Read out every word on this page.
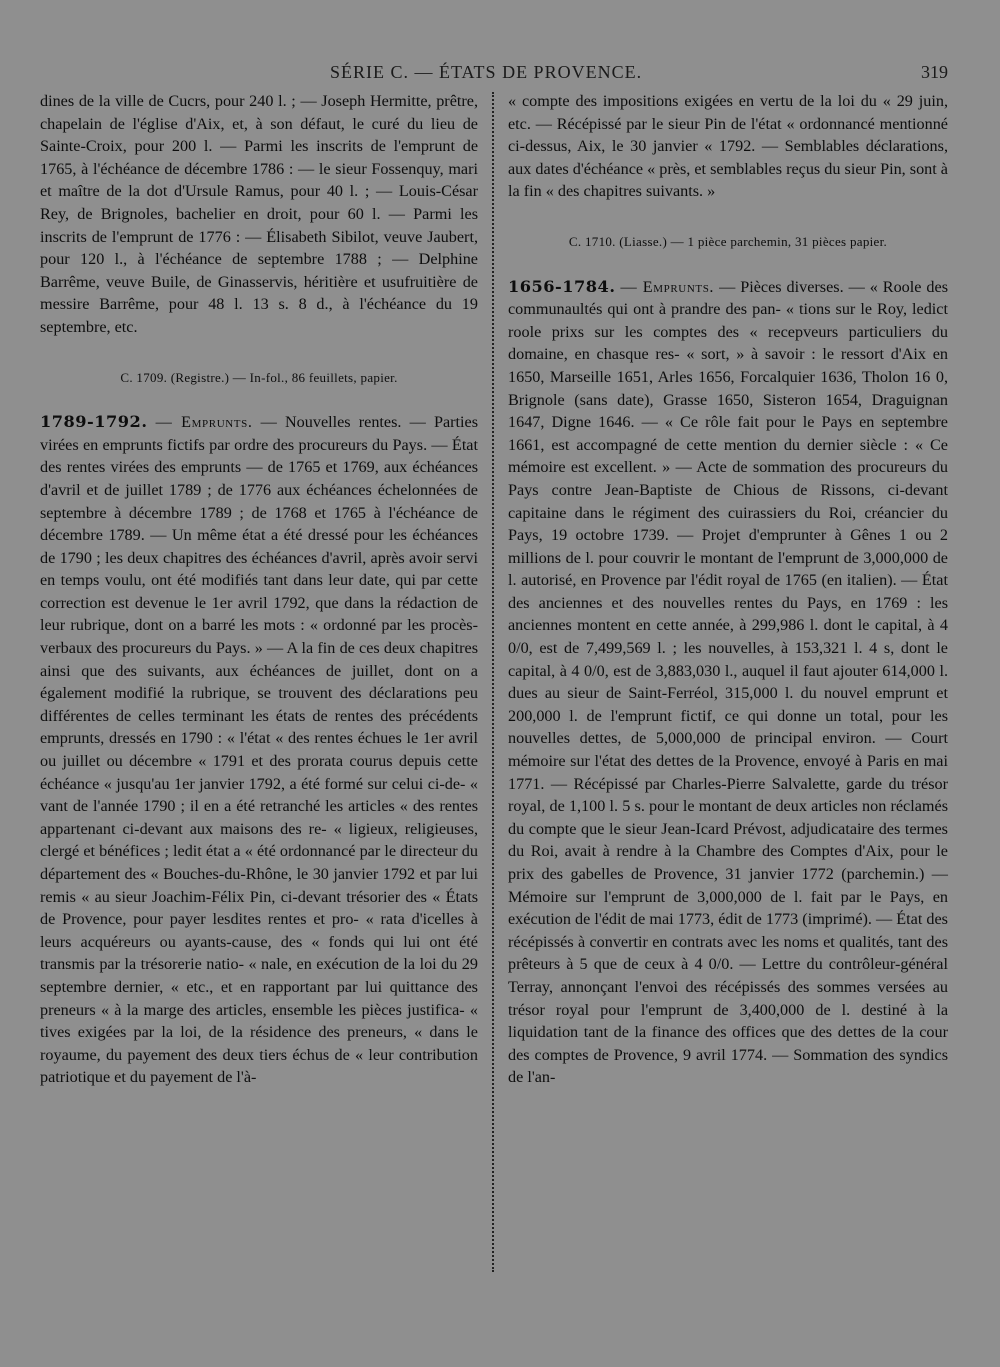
SÉRIE C. — ÉTATS DE PROVENCE.	319

dines de la ville de Cucrs, pour 240 l. ; — Joseph Hermitte, prêtre, chapelain de l'église d'Aix, et, à son défaut, le curé du lieu de Sainte-Croix, pour 200 l. — Parmi les inscrits de l'emprunt de 1765, à l'échéance de décembre 1786 : — le sieur Fossenquy, mari et maître de la dot d'Ursule Ramus, pour 40 l. ; — Louis-César Rey, de Brignoles, bachelier en droit, pour 60 l. — Parmi les inscrits de l'emprunt de 1776 : — Élisabeth Sibilot, veuve Jaubert, pour 120 l., à l'échéance de septembre 1788 ; — Delphine Barrême, veuve Buile, de Ginasservis, héritière et usufruitière de messire Barrême, pour 48 l. 13 s. 8 d., à l'échéance du 19 septembre, etc.

C. 1709. (Registre.) — In-fol., 86 feuillets, papier.

1789-1792. — Emprunts. — Nouvelles rentes. — Parties virées en emprunts fictifs par ordre des procureurs du Pays. — État des rentes virées des emprunts — de 1765 et 1769, aux échéances d'avril et de juillet 1789 ; de 1776 aux échéances échelonnées de septembre à décembre 1789 ; de 1768 et 1765 à l'échéance de décembre 1789. — Un même état a été dressé pour les échéances de 1790 ; les deux chapitres des échéances d'avril, après avoir servi en temps voulu, ont été modifiés tant dans leur date, qui par cette correction est devenue le 1er avril 1792, que dans la rédaction de leur rubrique, dont on a barré les mots : « ordonné par les procès-verbaux des procureurs du Pays. » — A la fin de ces deux chapitres ainsi que des suivants, aux échéances de juillet, dont on a également modifié la rubrique, se trouvent des déclarations peu différentes de celles terminant les états de rentes des précédents emprunts, dressés en 1790 : « l'état « des rentes échues le 1er avril ou juillet ou décembre « 1791 et des prorata courus depuis cette échéance « jusqu'au 1er janvier 1792, a été formé sur celui ci-de- « vant de l'année 1790 ; il en a été retranché les articles « des rentes appartenant ci-devant aux maisons des re- « ligieux, religieuses, clergé et bénéfices ; ledit état a « été ordonnancé par le directeur du département des « Bouches-du-Rhône, le 30 janvier 1792 et par lui remis « au sieur Joachim-Félix Pin, ci-devant trésorier des « États de Provence, pour payer lesdites rentes et pro- « rata d'icelles à leurs acquéreurs ou ayants-cause, des « fonds qui lui ont été transmis par la trésorerie natio- « nale, en exécution de la loi du 29 septembre dernier, « etc., et en rapportant par lui quittance des preneurs « à la marge des articles, ensemble les pièces justifica- « tives exigées par la loi, de la résidence des preneurs, « dans le royaume, du payement des deux tiers échus de « leur contribution patriotique et du payement de l'à-

« compte des impositions exigées en vertu de la loi du « 29 juin, etc. — Récépissé par le sieur Pin de l'état « ordonnancé mentionné ci-dessus, Aix, le 30 janvier « 1792. — Semblables déclarations, aux dates d'échéance « près, et semblables reçus du sieur Pin, sont à la fin « des chapitres suivants. »

C. 1710. (Liasse.) — 1 pièce parchemin, 31 pièces papier.

1656-1784. — Emprunts. — Pièces diverses. — « Roole des communaultés qui ont à prandre des pan- « tions sur le Roy, ledict roole prixs sur les comptes des « recepveurs particuliers du domaine, en chasque res- « sort, » à savoir : le ressort d'Aix en 1650, Marseille 1651, Arles 1656, Forcalquier 1636, Tholon 16 0, Brignole (sans date), Grasse 1650, Sisteron 1654, Draguignan 1647, Digne 1646. — « Ce rôle fait pour le Pays en septembre 1661, est accompagné de cette mention du dernier siècle : « Ce mémoire est excellent. » — Acte de sommation des procureurs du Pays contre Jean-Baptiste de Chious de Rissons, ci-devant capitaine dans le régiment des cuirassiers du Roi, créancier du Pays, 19 octobre 1739. — Projet d'emprunter à Gênes 1 ou 2 millions de l. pour couvrir le montant de l'emprunt de 3,000,000 de l. autorisé, en Provence par l'édit royal de 1765 (en italien). — État des anciennes et des nouvelles rentes du Pays, en 1769 : les anciennes montent en cette année, à 299,986 l. dont le capital, à 4 0/0, est de 7,499,569 l. ; les nouvelles, à 153,321 l. 4 s, dont le capital, à 4 0/0, est de 3,883,030 l., auquel il faut ajouter 614,000 l. dues au sieur de Saint-Ferréol, 315,000 l. du nouvel emprunt et 200,000 l. de l'emprunt fictif, ce qui donne un total, pour les nouvelles dettes, de 5,000,000 de principal environ. — Court mémoire sur l'état des dettes de la Provence, envoyé à Paris en mai 1771. — Récépissé par Charles-Pierre Salvalette, garde du trésor royal, de 1,100 l. 5 s. pour le montant de deux articles non réclamés du compte que le sieur Jean-Icard Prévost, adjudicataire des termes du Roi, avait à rendre à la Chambre des Comptes d'Aix, pour le prix des gabelles de Provence, 31 janvier 1772 (parchemin.) — Mémoire sur l'emprunt de 3,000,000 de l. fait par le Pays, en exécution de l'édit de mai 1773, édit de 1773 (imprimé). — État des récépissés à convertir en contrats avec les noms et qualités, tant des prêteurs à 5 que de ceux à 4 0/0. — Lettre du contrôleur-général Terray, annonçant l'envoi des récépissés des sommes versées au trésor royal pour l'emprunt de 3,400,000 de l. destiné à la liquidation tant de la finance des offices que des dettes de la cour des comptes de Provence, 9 avril 1774. — Sommation des syndics de l'an-
